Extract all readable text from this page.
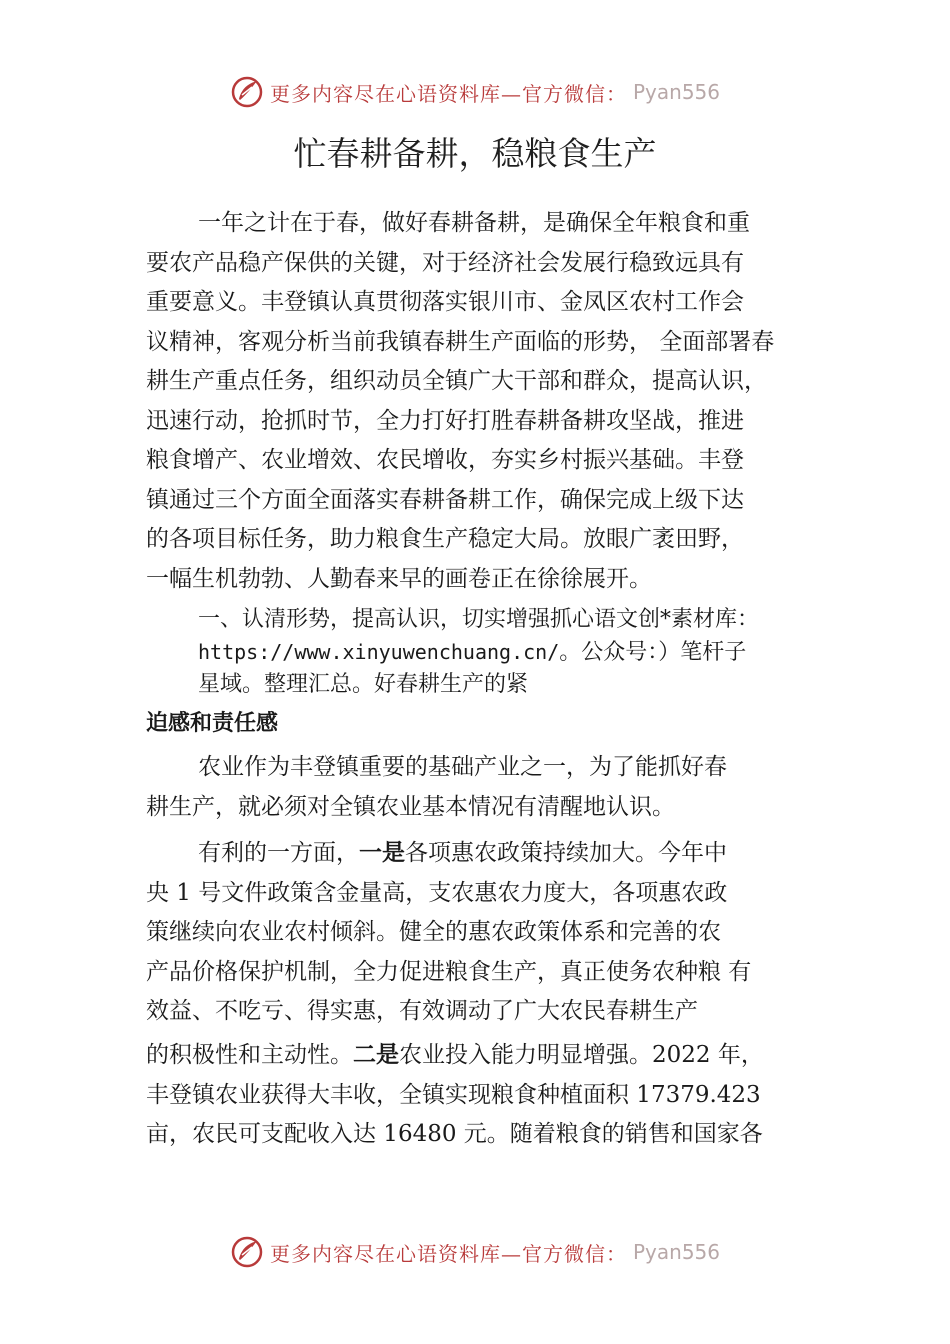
更多内容尽在心语资料库—官方微信： Pyan556
忙春耕备耕，稳粮食生产
一年之计在于春，做好春耕备耕，是确保全年粮食和重
要农产品稳产保供的关键，对于经济社会发展行稳致远具有
重要意义。丰登镇认真贯彻落实银川市、金凤区农村工作会
议精神，客观分析当前我镇春耕生产面临的形势， 全面部署春
耕生产重点任务，组织动员全镇广大干部和群众，提高认识，
迅速行动，抢抓时节，全力打好打胜春耕备耕攻坚战，推进
粮食增产、农业增效、农民增收，夯实乡村振兴基础。丰登
镇通过三个方面全面落实春耕备耕工作，确保完成上级下达
的各项目标任务，助力粮食生产稳定大局。放眼广袤田野，
一幅生机勃勃、人勤春来早的画卷正在徐徐展开。
一、认清形势，提高认识，切实增强抓心语文创*素材库：
https://www.xinyuwenchuang.cn/。公众号：）笔杆子
星域。整理汇总。好春耕生产的紧
迫感和责任感
农业作为丰登镇重要的基础产业之一，为了能抓好春
耕生产，就必须对全镇农业基本情况有清醒地认识。
有利的一方面，一是各项惠农政策持续加大。今年中
央 1 号文件政策含金量高，支农惠农力度大，各项惠农政
策继续向农业农村倾斜。健全的惠农政策体系和完善的农
产品价格保护机制，全力促进粮食生产，真正使务农种粮 有
效益、不吃亏、得实惠，有效调动了广大农民春耕生产
的积极性和主动性。二是农业投入能力明显增强。2022 年，
丰登镇农业获得大丰收，全镇实现粮食种植面积 17379.423
亩，农民可支配收入达 16480 元。随着粮食的销售和国家各
更多内容尽在心语资料库—官方微信： Pyan556
